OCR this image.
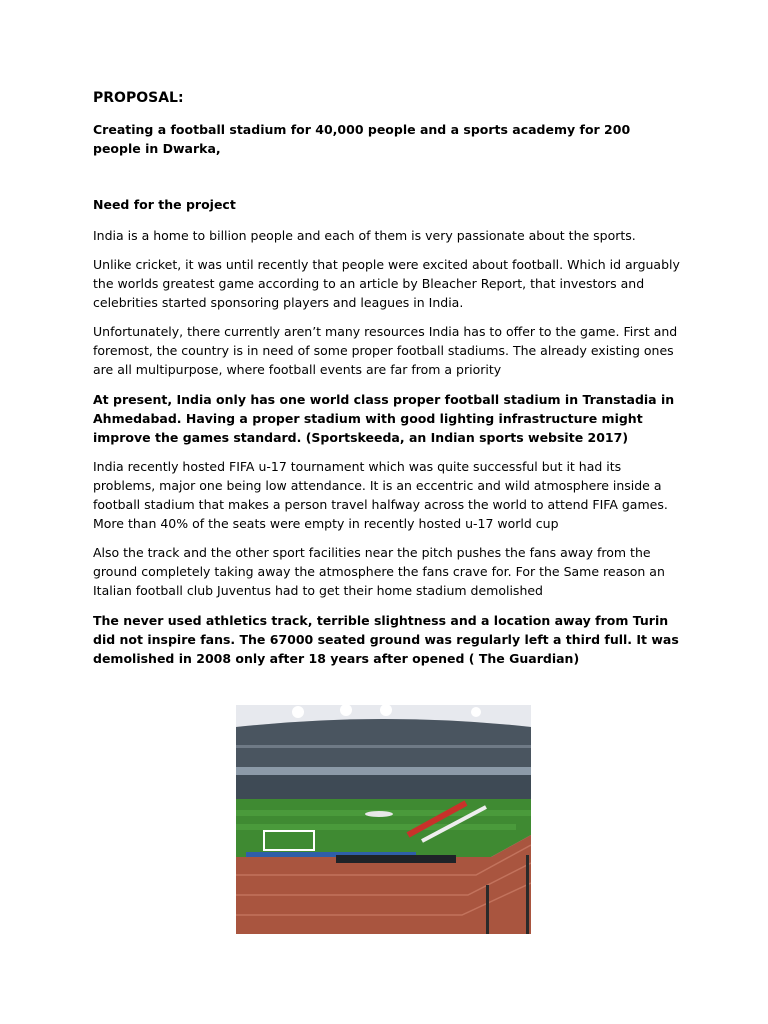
PROPOSAL:
Creating a football stadium for 40,000 people and a sports academy for 200 people in Dwarka,
Need for the project
India is a home to billion people and each of them is very passionate about the sports.
Unlike cricket, it was until recently that people were excited about football. Which id arguably the worlds greatest game according to an article by Bleacher Report, that investors and celebrities started sponsoring players and leagues in India.
Unfortunately, there currently aren’t many resources India has to offer to the game. First and foremost, the country is in need of some proper football stadiums. The already existing ones are all multipurpose, where football events are far from a priority
At present, India only has one world class proper football stadium in Transtadia in Ahmedabad. Having a proper stadium with good lighting infrastructure might improve the games standard. (Sportskeeda, an Indian sports website 2017)
India recently hosted FIFA u-17 tournament which was quite successful but it had its problems, major one being low attendance. It is an eccentric and wild atmosphere inside a football stadium that makes a person travel halfway across the world to attend FIFA games. More than 40% of the seats were empty in recently hosted u-17 world cup
Also the track and the other sport facilities near the pitch pushes the fans away from the ground completely taking away the atmosphere the fans crave for. For the Same reason an Italian football club Juventus had to get their home stadium demolished
The never used athletics track, terrible slightness and a location away from Turin did not inspire fans. The 67000 seated ground was regularly left a third full. It was demolished in 2008 only after 18 years after opened ( The Guardian)
